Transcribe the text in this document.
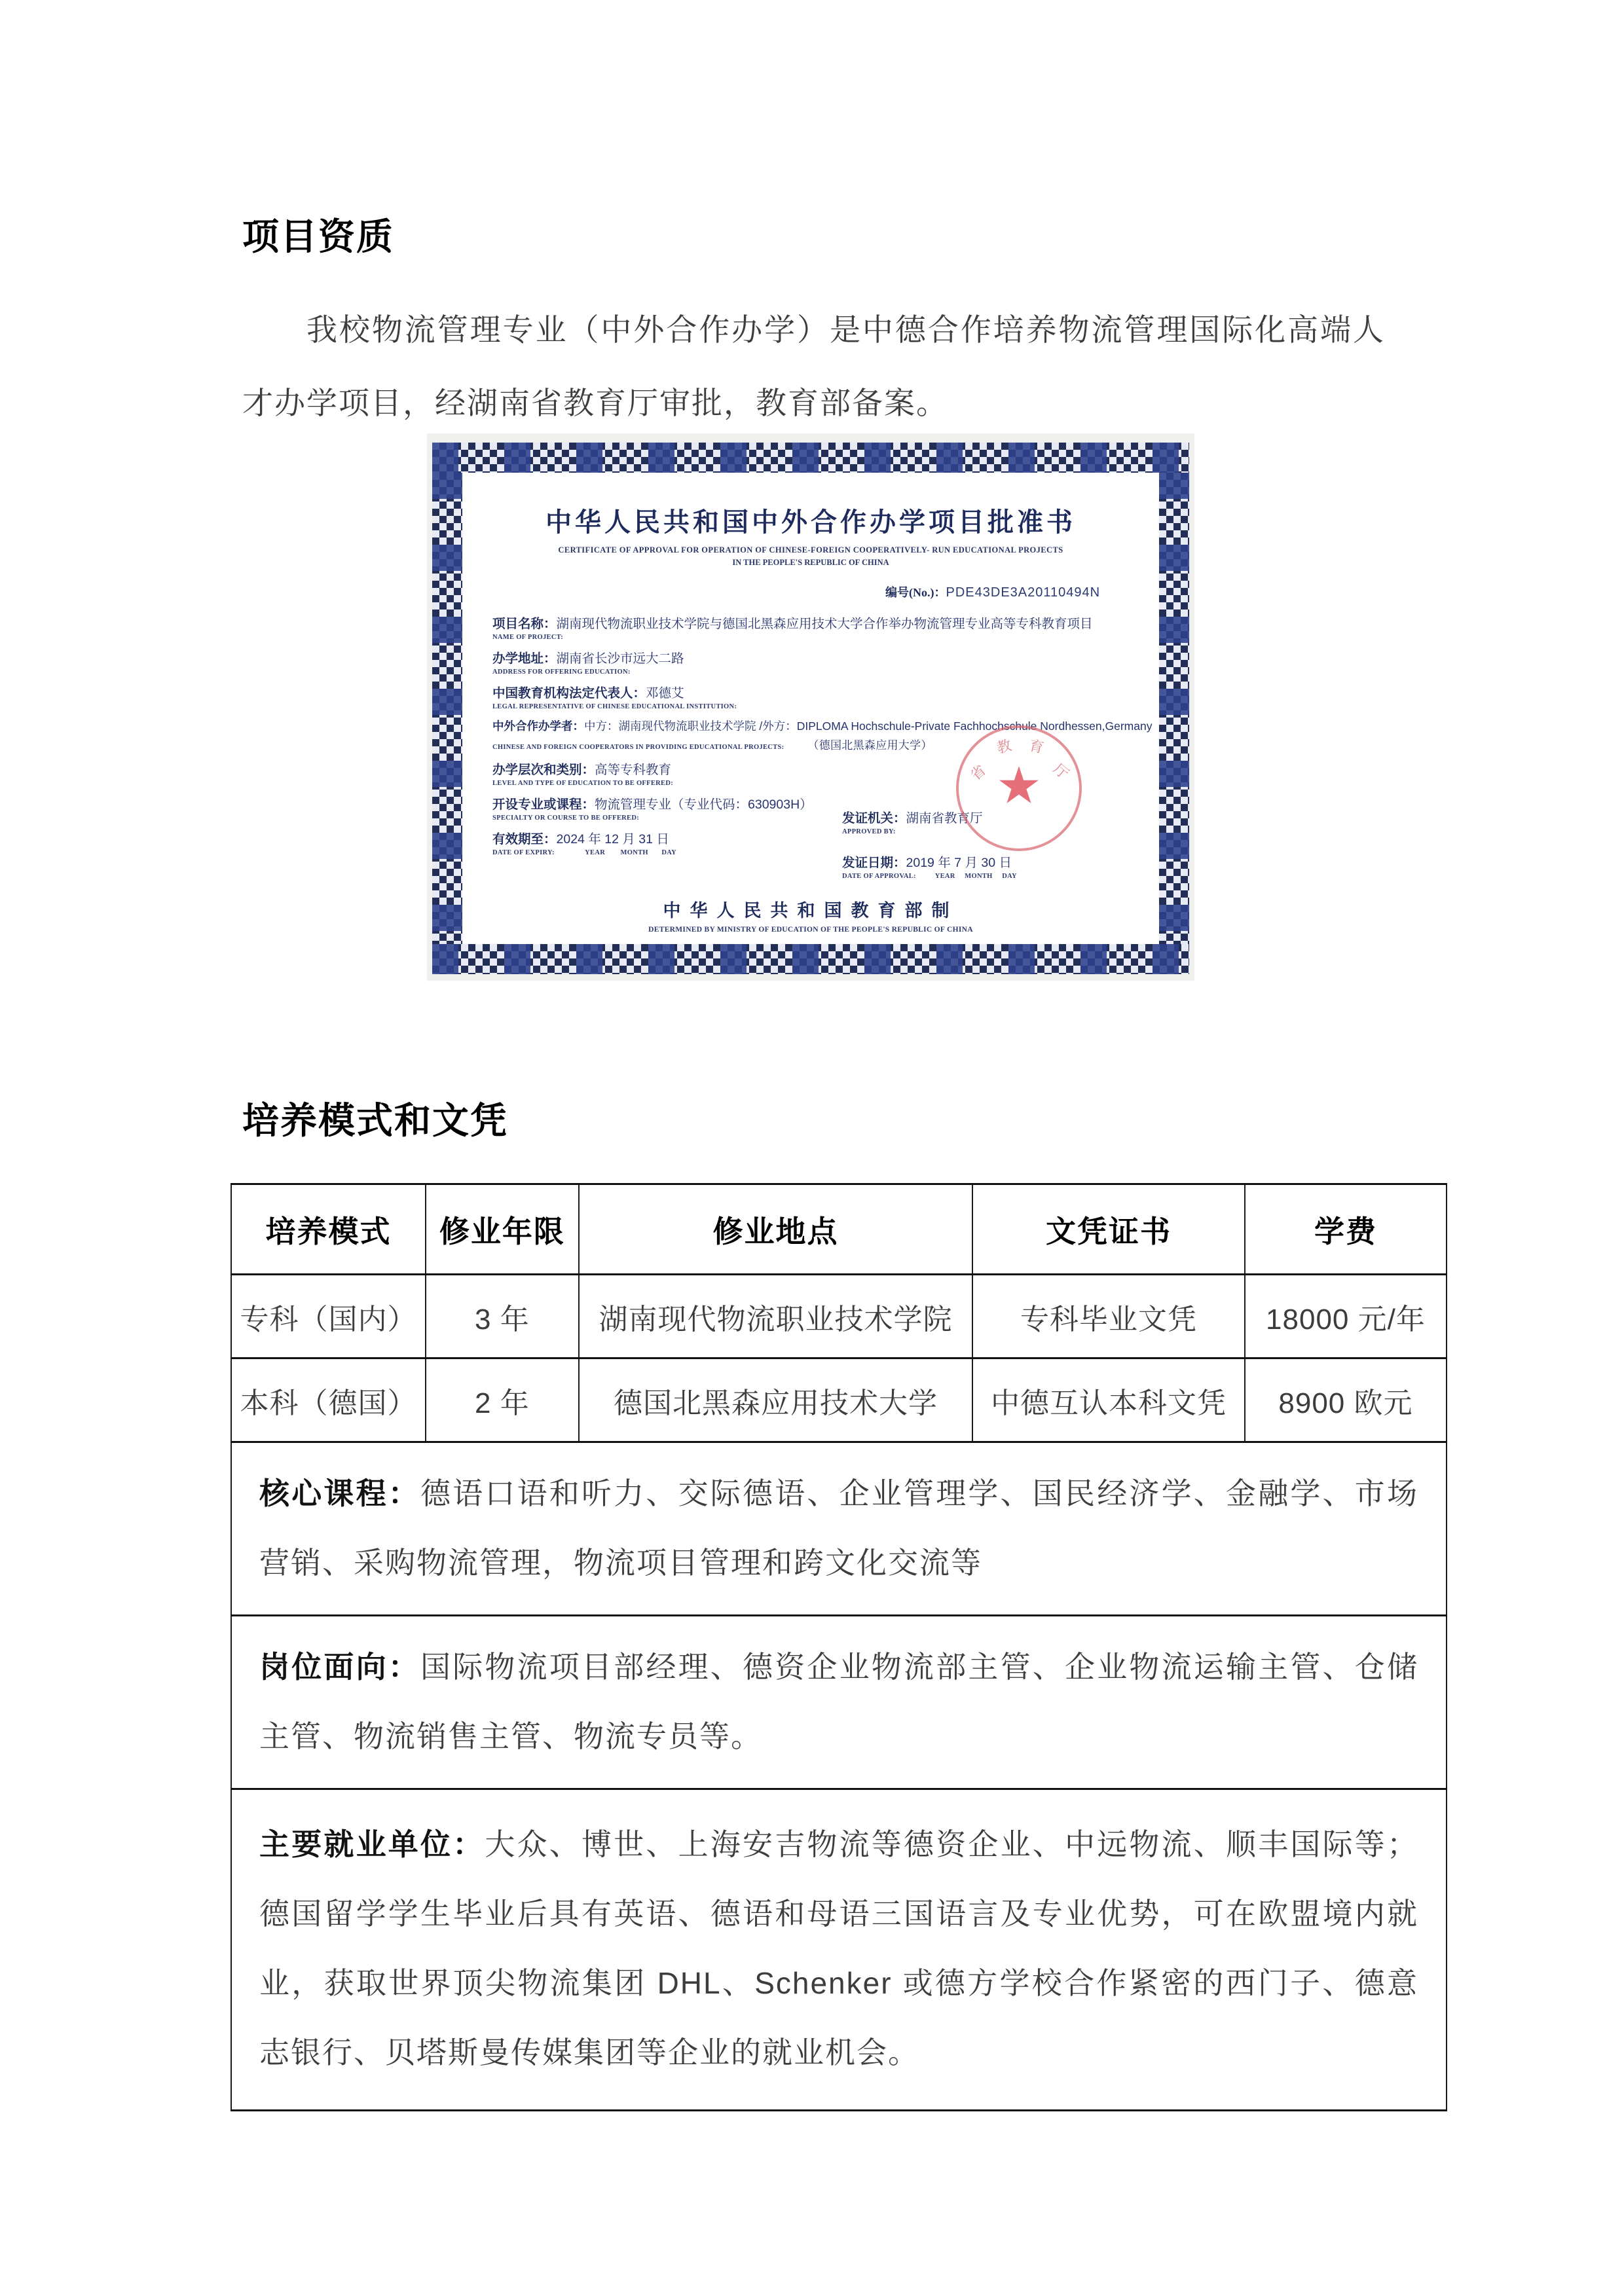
项目资质

我校物流管理专业（中外合作办学）是中德合作培养物流管理国际化高端人才办学项目，经湖南省教育厅审批，教育部备案。

中华人民共和国中外合作办学项目批准书
CERTIFICATE OF APPROVAL FOR OPERATION OF CHINESE-FOREIGN COOPERATIVELY- RUN EDUCATIONAL PROJECTS
IN THE PEOPLE'S REPUBLIC OF CHINA
编号(No.)：PDE43DE3A20110494N
项目名称：湖南现代物流职业技术学院与德国北黑森应用技术大学合作举办物流管理专业高等专科教育项目
NAME OF PROJECT:
办学地址：湖南省长沙市远大二路
ADDRESS FOR OFFERING EDUCATION:
中国教育机构法定代表人：邓德艾
LEGAL REPRESENTATIVE OF CHINESE EDUCATIONAL INSTITUTION:
中外合作办学者：中方：湖南现代物流职业技术学院 /外方：DIPLOMA Hochschule-Private Fachhochschule Nordhessen,Germany
CHINESE AND FOREIGN COOPERATORS IN PROVIDING EDUCATIONAL PROJECTS: （德国北黑森应用大学）
办学层次和类别：高等专科教育
LEVEL AND TYPE OF EDUCATION TO BE OFFERED:
开设专业或课程：物流管理专业（专业代码：630903H）
SPECIALTY OR COURSE TO BE OFFERED:
有效期至：2024 年 12 月 31 日
DATE OF EXPIRY:                YEAR        MONTH       DAY
发证机关：湖南省教育厅
APPROVED BY:
发证日期：2019 年 7 月 30 日
DATE OF APPROVAL:          YEAR     MONTH     DAY
省
教 育
厅
★
中华人民共和国教育部制
DETERMINED BY MINISTRY OF EDUCATION OF THE PEOPLE'S REPUBLIC OF CHINA
培养模式和文凭
培养模式	修业年限	修业地点	文凭证书	学费
专科（国内）	3 年	湖南现代物流职业技术学院	专科毕业文凭	18000 元/年
本科（德国）	2 年	德国北黑森应用技术大学	中德互认本科文凭	8900 欧元
核心课程：德语口语和听力、交际德语、企业管理学、国民经济学、金融学、市场营销、采购物流管理，物流项目管理和跨文化交流等				
岗位面向：国际物流项目部经理、德资企业物流部主管、企业物流运输主管、仓储主管、物流销售主管、物流专员等。				
主要就业单位：大众、博世、上海安吉物流等德资企业、中远物流、顺丰国际等；德国留学学生毕业后具有英语、德语和母语三国语言及专业优势，可在欧盟境内就业，获取世界顶尖物流集团 DHL、Schenker 或德方学校合作紧密的西门子、德意志银行、贝塔斯曼传媒集团等企业的就业机会。				
